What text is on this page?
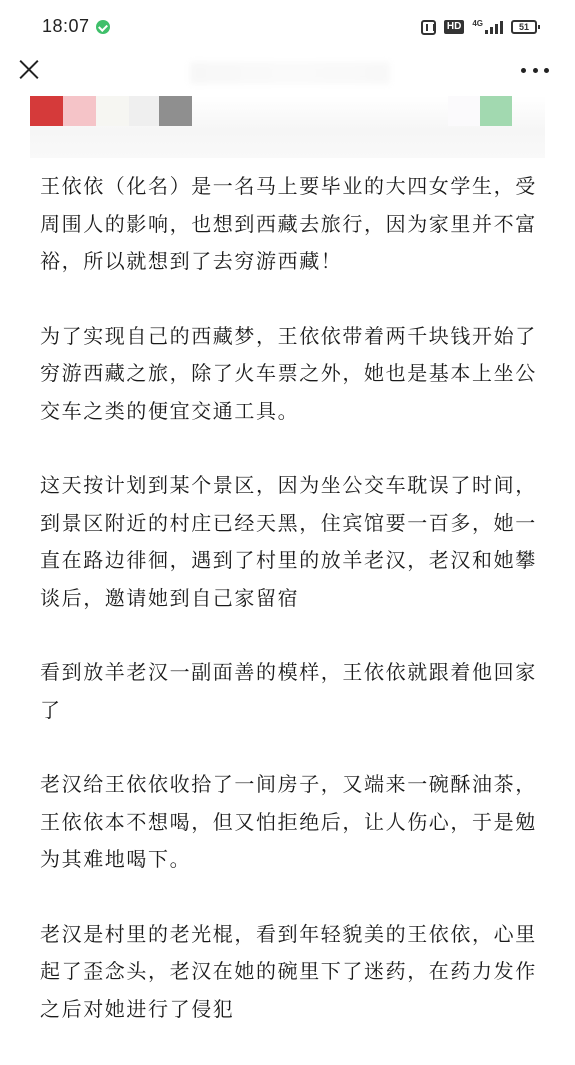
18:07	HD	4G	51

王依依（化名）是一名马上要毕业的大四女学生，受周围人的影响，也想到西藏去旅行，因为家里并不富裕，所以就想到了去穷游西藏！

为了实现自己的西藏梦，王依依带着两千块钱开始了穷游西藏之旅，除了火车票之外，她也是基本上坐公交车之类的便宜交通工具。

这天按计划到某个景区，因为坐公交车耽误了时间，到景区附近的村庄已经天黑，住宾馆要一百多，她一直在路边徘徊，遇到了村里的放羊老汉，老汉和她攀谈后，邀请她到自己家留宿

看到放羊老汉一副面善的模样，王依依就跟着他回家了

老汉给王依依收拾了一间房子，又端来一碗酥油茶，王依依本不想喝，但又怕拒绝后，让人伤心，于是勉为其难地喝下。

老汉是村里的老光棍，看到年轻貌美的王依依，心里起了歪念头，老汉在她的碗里下了迷药，在药力发作之后对她进行了侵犯
